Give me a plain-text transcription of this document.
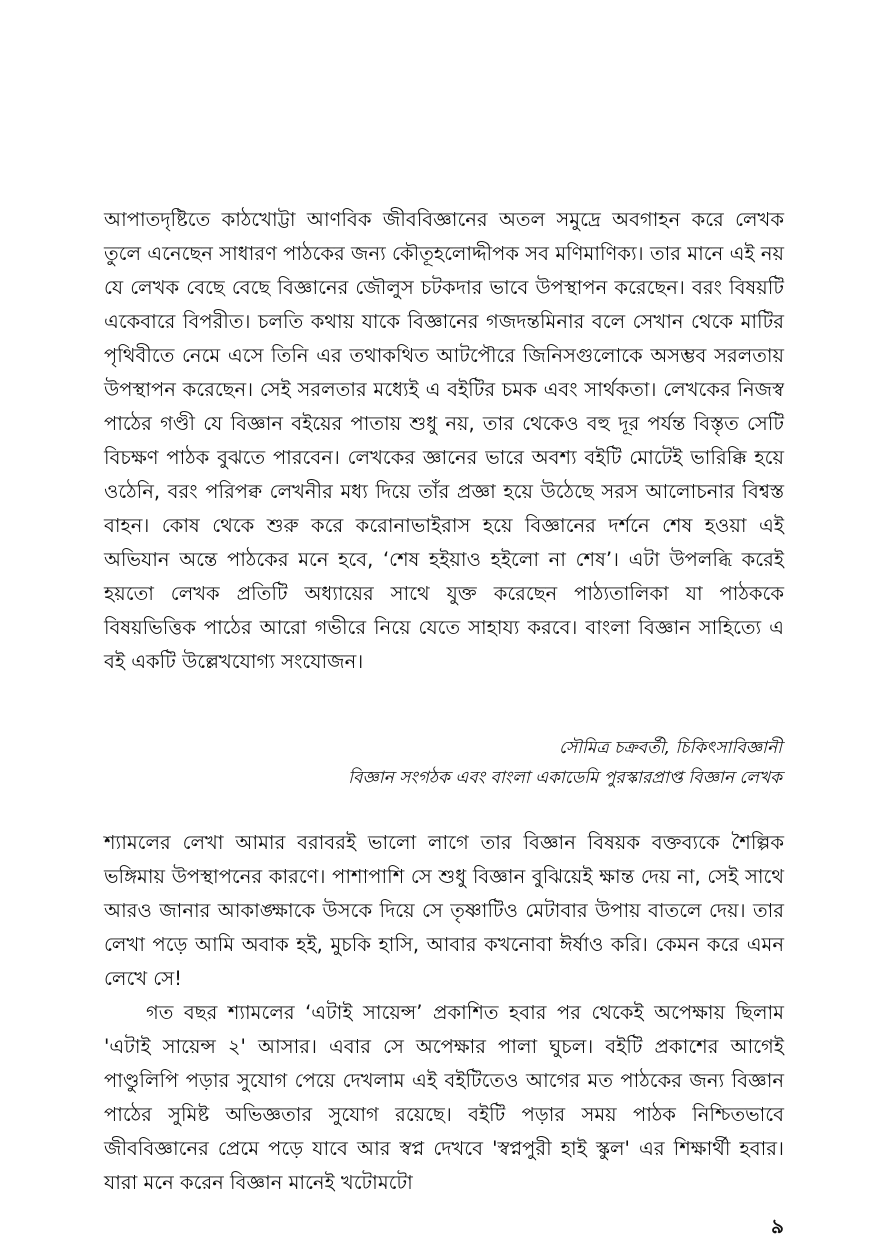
আপাতদৃষ্টিতে কাঠখোট্টা আণবিক জীববিজ্ঞানের অতল সমুদ্রে অবগাহন করে লেখক তুলে এনেছেন সাধারণ পাঠকের জন্য কৌতূহলোদ্দীপক সব মণিমাণিক্য। তার মানে এই নয় যে লেখক বেছে বেছে বিজ্ঞানের জৌলুস চটকদার ভাবে উপস্থাপন করেছেন। বরং বিষয়টি একেবারে বিপরীত। চলতি কথায় যাকে বিজ্ঞানের গজদন্তমিনার বলে সেখান থেকে মাটির পৃথিবীতে নেমে এসে তিনি এর তথাকথিত আটপৌরে জিনিসগুলোকে অসম্ভব সরলতায় উপস্থাপন করেছেন। সেই সরলতার মধ্যেই এ বইটির চমক এবং সার্থকতা। লেখকের নিজস্ব পাঠের গণ্ডী যে বিজ্ঞান বইয়ের পাতায় শুধু নয়, তার থেকেও বহু দূর পর্যন্ত বিস্তৃত সেটি বিচক্ষণ পাঠক বুঝতে পারবেন। লেখকের জ্ঞানের ভারে অবশ্য বইটি মোটেই ভারিক্কি হয়ে ওঠেনি, বরং পরিপক্ব লেখনীর মধ্য দিয়ে তাঁর প্রজ্ঞা হয়ে উঠেছে সরস আলোচনার বিশ্বস্ত বাহন। কোষ থেকে শুরু করে করোনাভাইরাস হয়ে বিজ্ঞানের দর্শনে শেষ হওয়া এই অভিযান অন্তে পাঠকের মনে হবে, ‘শেষ হইয়াও হইলো না শেষ’। এটা উপলব্ধি করেই হয়তো লেখক প্রতিটি অধ্যায়ের সাথে যুক্ত করেছেন পাঠ্যতালিকা যা পাঠককে বিষয়ভিত্তিক পাঠের আরো গভীরে নিয়ে যেতে সাহায্য করবে। বাংলা বিজ্ঞান সাহিত্যে এ বই একটি উল্লেখযোগ্য সংযোজন।

সৌমিত্র চক্রবর্তী, চিকিৎসাবিজ্ঞানী

বিজ্ঞান সংগঠক এবং বাংলা একাডেমি পুরস্কারপ্রাপ্ত বিজ্ঞান লেখক

শ্যামলের লেখা আমার বরাবরই ভালো লাগে তার বিজ্ঞান বিষয়ক বক্তব্যকে শৈল্পিক ভঙ্গিমায় উপস্থাপনের কারণে। পাশাপাশি সে শুধু বিজ্ঞান বুঝিয়েই ক্ষান্ত দেয় না, সেই সাথে আরও জানার আকাঙ্ক্ষাকে উসকে দিয়ে সে তৃষ্ণাটিও মেটাবার উপায় বাতলে দেয়। তার লেখা পড়ে আমি অবাক হই, মুচকি হাসি, আবার কখনোবা ঈর্ষাও করি। কেমন করে এমন লেখে সে!

গত বছর শ্যামলের ‘এটাই সায়েন্স’ প্রকাশিত হবার পর থেকেই অপেক্ষায় ছিলাম 'এটাই সায়েন্স ২' আসার। এবার সে অপেক্ষার পালা ঘুচল। বইটি প্রকাশের আগেই পাণ্ডুলিপি পড়ার সুযোগ পেয়ে দেখলাম এই বইটিতেও আগের মত পাঠকের জন্য বিজ্ঞান পাঠের সুমিষ্ট অভিজ্ঞতার সুযোগ রয়েছে। বইটি পড়ার সময় পাঠক নিশ্চিতভাবে জীববিজ্ঞানের প্রেমে পড়ে যাবে আর স্বপ্ন দেখবে 'স্বপ্নপুরী হাই স্কুল' এর শিক্ষার্থী হবার। যারা মনে করেন বিজ্ঞান মানেই খটোমটো

৯
